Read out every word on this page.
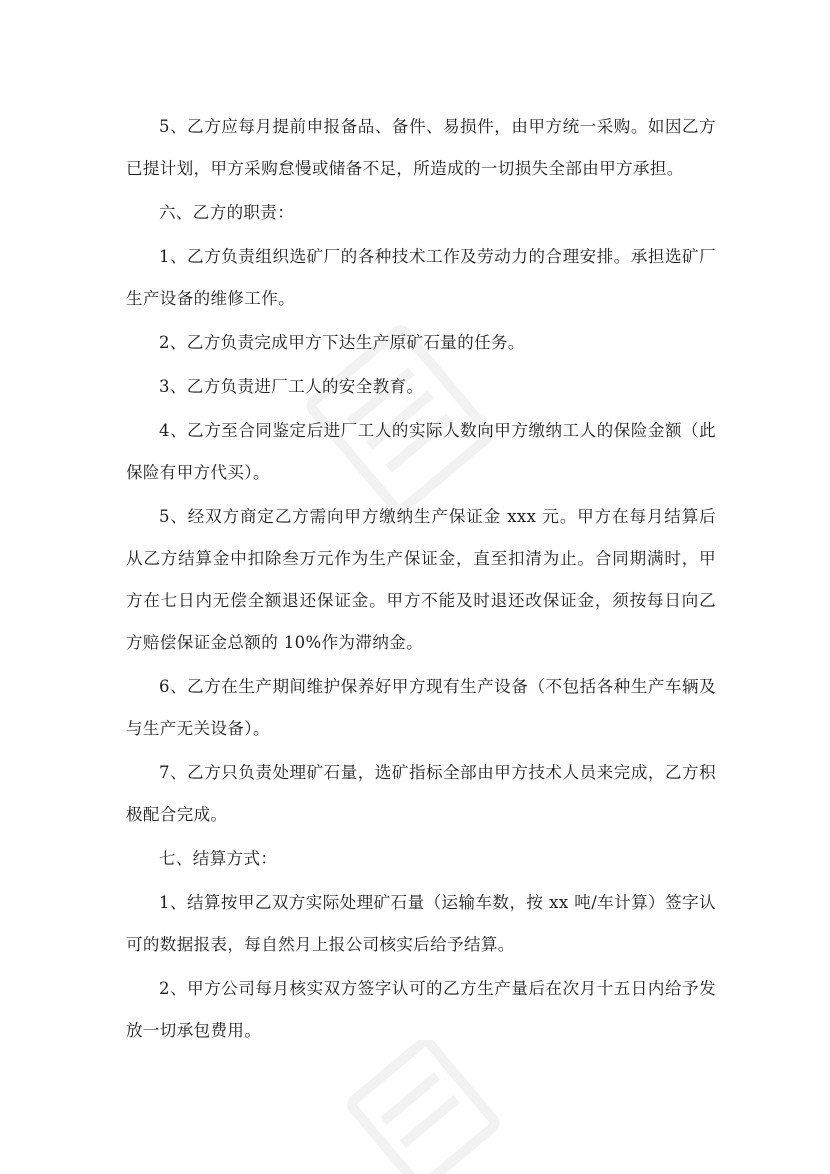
5、乙方应每月提前申报备品、备件、易损件，由甲方统一采购。如因乙方已提计划，甲方采购怠慢或储备不足，所造成的一切损失全部由甲方承担。

六、乙方的职责：

1、乙方负责组织选矿厂的各种技术工作及劳动力的合理安排。承担选矿厂生产设备的维修工作。

2、乙方负责完成甲方下达生产原矿石量的任务。

3、乙方负责进厂工人的安全教育。

4、乙方至合同鉴定后进厂工人的实际人数向甲方缴纳工人的保险金额（此保险有甲方代买）。

5、经双方商定乙方需向甲方缴纳生产保证金 xxx 元。甲方在每月结算后从乙方结算金中扣除叁万元作为生产保证金，直至扣清为止。合同期满时，甲方在七日内无偿全额退还保证金。甲方不能及时退还改保证金，须按每日向乙方赔偿保证金总额的 10%作为滞纳金。

6、乙方在生产期间维护保养好甲方现有生产设备（不包括各种生产车辆及与生产无关设备）。

7、乙方只负责处理矿石量，选矿指标全部由甲方技术人员来完成，乙方积极配合完成。

七、结算方式：

1、结算按甲乙双方实际处理矿石量（运输车数，按 xx 吨/车计算）签字认可的数据报表，每自然月上报公司核实后给予结算。

2、甲方公司每月核实双方签字认可的乙方生产量后在次月十五日内给予发放一切承包费用。
